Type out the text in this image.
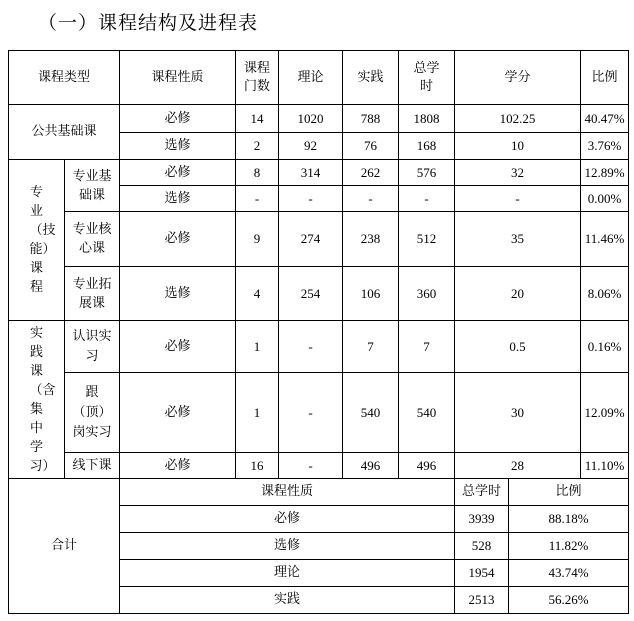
（一）课程结构及进程表
课程类型		课程性质	课程门数	理论	实践	总学时	学分		比例
公共基础课		必修	14	1020	788	1808	102.25		40.47%
		选修	2	92	76	168	10		3.76%
专业（技能）课程	专业基础课	必修	8	314	262	576	32		12.89%
		选修	-	-	-	-	-		0.00%
	专业核心课	必修	9	274	238	512	35		11.46%
	专业拓展课	选修	4	254	106	360	20		8.06%

实践课（含集中学习）	认识实习	必修	1	-	7	7	0.5		0.16%
	跟（顶）岗实习	必修	1	-	540	540	30		12.09%
	线下课	必修	16	-	496	496	28		11.10%
合计		课程性质					总学时	比例	
		必修					3939	88.18%	
		选修					528	11.82%	
		理论					1954	43.74%	
		实践					2513	56.26%	
